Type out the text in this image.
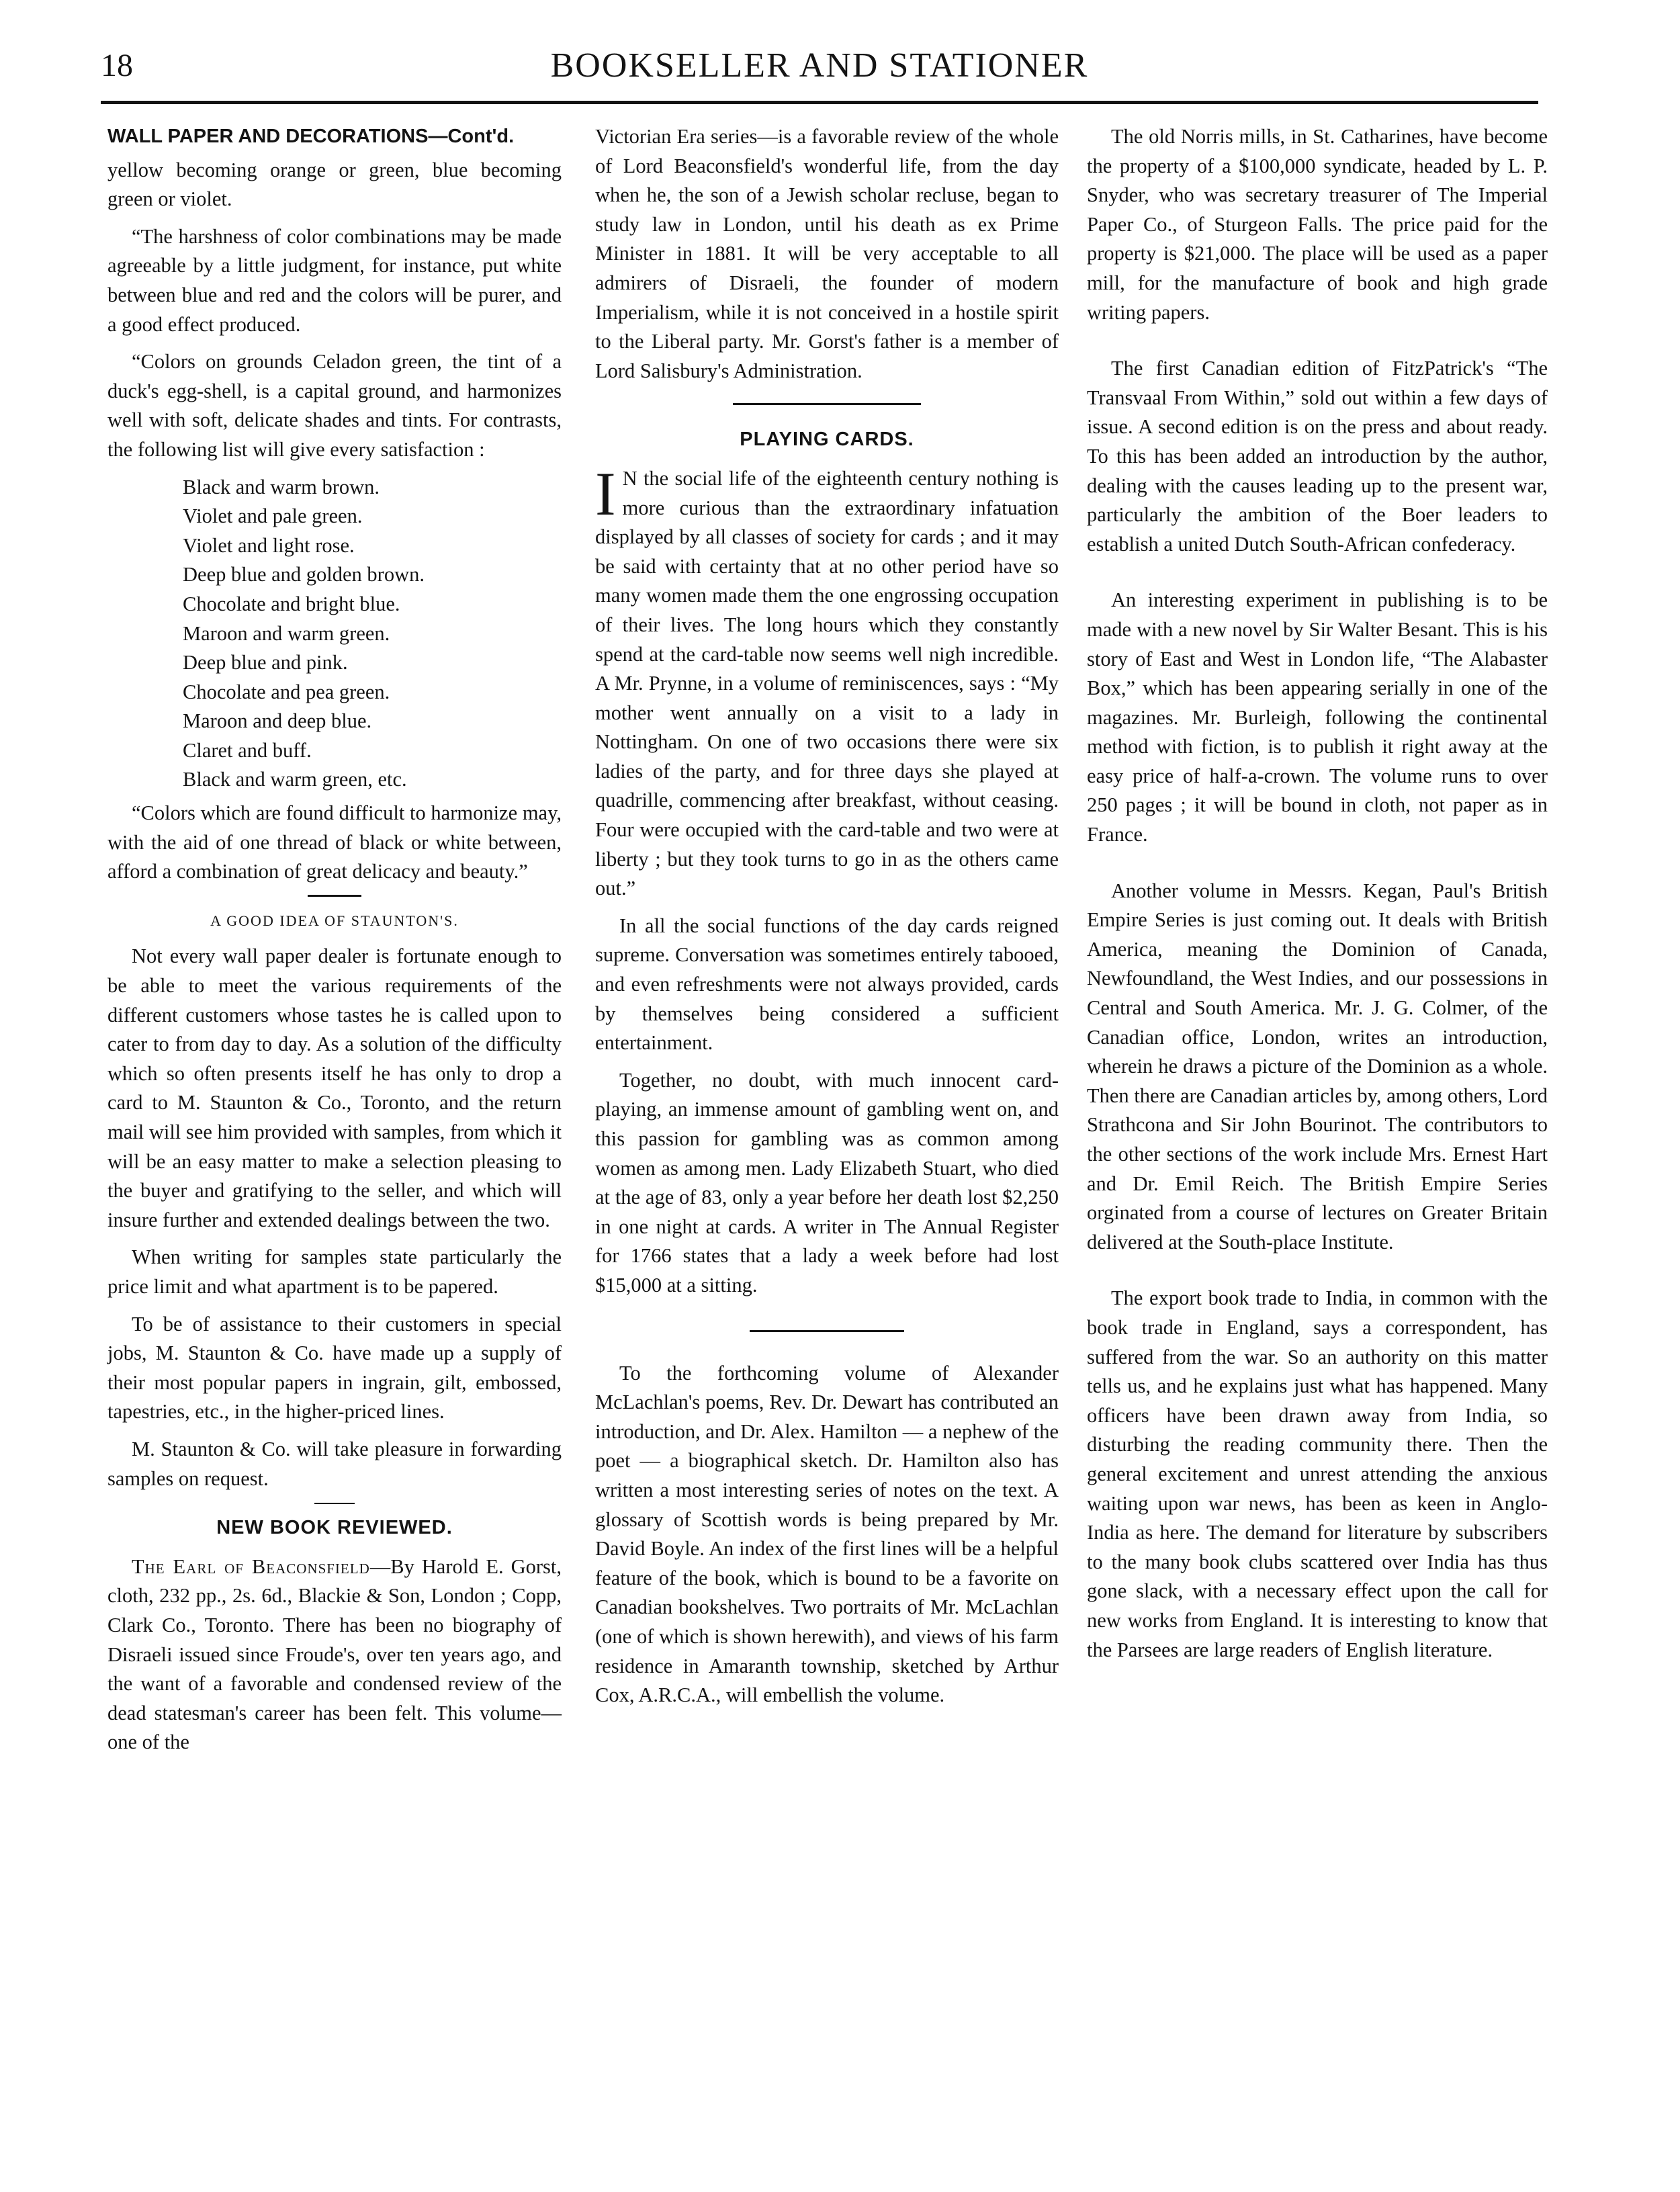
18	BOOKSELLER AND STATIONER
WALL PAPER AND DECORATIONS—Cont'd.

yellow becoming orange or green, blue becoming green or violet.

“The harshness of color combinations may be made agreeable by a little judgment, for instance, put white between blue and red and the colors will be purer, and a good effect produced.

“Colors on grounds Celadon green, the tint of a duck's egg-shell, is a capital ground, and harmonizes well with soft, delicate shades and tints. For contrasts, the following list will give every satisfaction :

Black and warm brown.
Violet and pale green.
Violet and light rose.
Deep blue and golden brown.
Chocolate and bright blue.
Maroon and warm green.
Deep blue and pink.
Chocolate and pea green.
Maroon and deep blue.
Claret and buff.
Black and warm green, etc.

“Colors which are found difficult to harmonize may, with the aid of one thread of black or white between, afford a combination of great delicacy and beauty.”

A GOOD IDEA OF STAUNTON'S.

Not every wall paper dealer is fortunate enough to be able to meet the various requirements of the different customers whose tastes he is called upon to cater to from day to day. As a solution of the difficulty which so often presents itself he has only to drop a card to M. Staunton & Co., Toronto, and the return mail will see him provided with samples, from which it will be an easy matter to make a selection pleasing to the buyer and gratifying to the seller, and which will insure further and extended dealings between the two.

When writing for samples state particularly the price limit and what apartment is to be papered.

To be of assistance to their customers in special jobs, M. Staunton & Co. have made up a supply of their most popular papers in ingrain, gilt, embossed, tapestries, etc., in the higher-priced lines.

M. Staunton & Co. will take pleasure in forwarding samples on request.

NEW BOOK REVIEWED.

The Earl of Beaconsfield—By Harold E. Gorst, cloth, 232 pp., 2s. 6d., Blackie & Son, London ; Copp, Clark Co., Toronto. There has been no biography of Disraeli issued since Froude's, over ten years ago, and the want of a favorable and condensed review of the dead statesman's career has been felt. This volume—one of the

Victorian Era series—is a favorable review of the whole of Lord Beaconsfield's wonderful life, from the day when he, the son of a Jewish scholar recluse, began to study law in London, until his death as ex Prime Minister in 1881. It will be very acceptable to all admirers of Disraeli, the founder of modern Imperialism, while it is not conceived in a hostile spirit to the Liberal party. Mr. Gorst's father is a member of Lord Salisbury's Administration.

PLAYING CARDS.

I N the social life of the eighteenth century nothing is more curious than the extraordinary infatuation displayed by all classes of society for cards ; and it may be said with certainty that at no other period have so many women made them the one engrossing occupation of their lives. The long hours which they constantly spend at the card-table now seems well nigh incredible. A Mr. Prynne, in a volume of reminiscences, says : “My mother went annually on a visit to a lady in Nottingham. On one of two occasions there were six ladies of the party, and for three days she played at quadrille, commencing after breakfast, without ceasing. Four were occupied with the card-table and two were at liberty ; but they took turns to go in as the others came out.”

In all the social functions of the day cards reigned supreme. Conversation was sometimes entirely tabooed, and even refreshments were not always provided, cards by themselves being considered a sufficient entertainment.

Together, no doubt, with much innocent card-playing, an immense amount of gambling went on, and this passion for gambling was as common among women as among men. Lady Elizabeth Stuart, who died at the age of 83, only a year before her death lost $2,250 in one night at cards. A writer in The Annual Register for 1766 states that a lady a week before had lost $15,000 at a sitting.

To the forthcoming volume of Alexander McLachlan's poems, Rev. Dr. Dewart has contributed an introduction, and Dr. Alex. Hamilton — a nephew of the poet — a biographical sketch. Dr. Hamilton also has written a most interesting series of notes on the text. A glossary of Scottish words is being prepared by Mr. David Boyle. An index of the first lines will be a helpful feature of the book, which is bound to be a favorite on Canadian bookshelves. Two portraits of Mr. McLachlan (one of which is shown herewith), and views of his farm residence in Amaranth township, sketched by Arthur Cox, A.R.C.A., will embellish the volume.

The old Norris mills, in St. Catharines, have become the property of a $100,000 syndicate, headed by L. P. Snyder, who was secretary treasurer of The Imperial Paper Co., of Sturgeon Falls. The price paid for the property is $21,000. The place will be used as a paper mill, for the manufacture of book and high grade writing papers.

The first Canadian edition of FitzPatrick's “The Transvaal From Within,” sold out within a few days of issue. A second edition is on the press and about ready. To this has been added an introduction by the author, dealing with the causes leading up to the present war, particularly the ambition of the Boer leaders to establish a united Dutch South-African confederacy.

An interesting experiment in publishing is to be made with a new novel by Sir Walter Besant. This is his story of East and West in London life, “The Alabaster Box,” which has been appearing serially in one of the magazines. Mr. Burleigh, following the continental method with fiction, is to publish it right away at the easy price of half-a-crown. The volume runs to over 250 pages ; it will be bound in cloth, not paper as in France.

Another volume in Messrs. Kegan, Paul's British Empire Series is just coming out. It deals with British America, meaning the Dominion of Canada, Newfoundland, the West Indies, and our possessions in Central and South America. Mr. J. G. Colmer, of the Canadian office, London, writes an introduction, wherein he draws a picture of the Dominion as a whole. Then there are Canadian articles by, among others, Lord Strathcona and Sir John Bourinot. The contributors to the other sections of the work include Mrs. Ernest Hart and Dr. Emil Reich. The British Empire Series orginated from a course of lectures on Greater Britain delivered at the South-place Institute.

The export book trade to India, in common with the book trade in England, says a correspondent, has suffered from the war. So an authority on this matter tells us, and he explains just what has happened. Many officers have been drawn away from India, so disturbing the reading community there. Then the general excitement and unrest attending the anxious waiting upon war news, has been as keen in Anglo-India as here. The demand for literature by subscribers to the many book clubs scattered over India has thus gone slack, with a necessary effect upon the call for new works from England. It is interesting to know that the Parsees are large readers of English literature.
